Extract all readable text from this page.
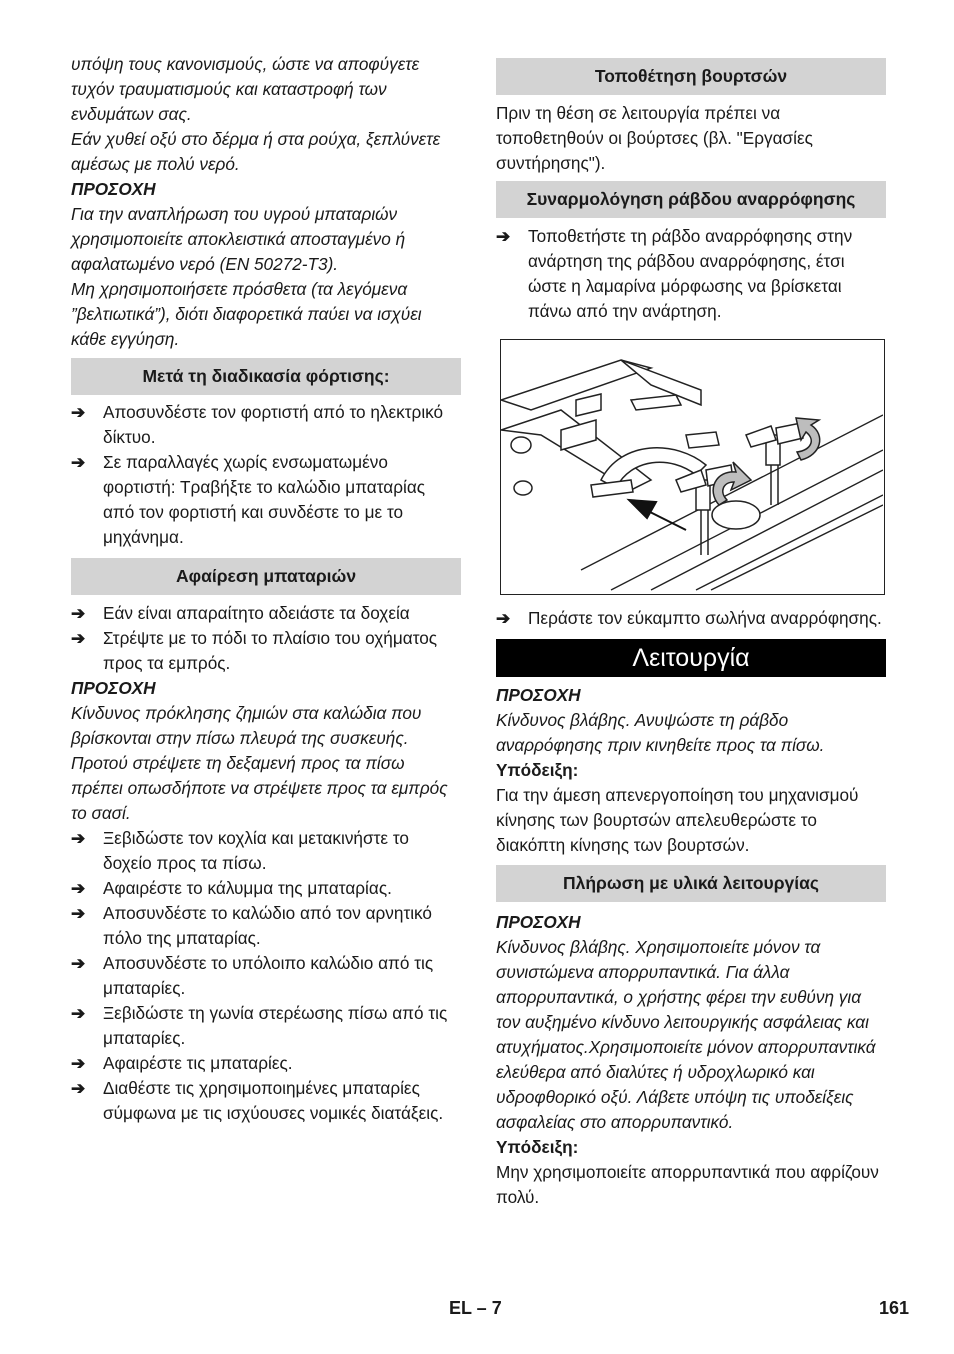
υπόψη τους κανονισμούς, ώστε να αποφύγετε τυχόν τραυματισμούς και καταστροφή των ενδυμάτων σας.

Εάν χυθεί οξύ στο δέρμα ή στα ρούχα, ξεπλύνετε αμέσως με πολύ νερό.

ΠΡΟΣΟΧΗ

Για την αναπλήρωση του υγρού μπαταριών χρησιμοποιείτε αποκλειστικά αποσταγμένο ή αφαλατωμένο νερό (EN 50272-T3).

Μη χρησιμοποιήσετε πρόσθετα (τα λεγόμενα ”βελτιωτικά”), διότι διαφορετικά παύει να ισχύει κάθε εγγύηση.

Μετά τη διαδικασία φόρτισης:
➔ Αποσυνδέστε τον φορτιστή από το ηλεκτρικό δίκτυο.
➔ Σε παραλλαγές χωρίς ενσωματωμένο φορτιστή: Τραβήξτε το καλώδιο μπαταρίας από τον φορτιστή και συνδέστε το με το μηχάνημα.
Αφαίρεση μπαταριών
➔ Εάν είναι απαραίτητο αδειάστε τα δοχεία
➔ Στρέψτε με το πόδι το πλαίσιο του οχήματος προς τα εμπρός.

ΠΡΟΣΟΧΗ

Κίνδυνος πρόκλησης ζημιών στα καλώδια που βρίσκονται στην πίσω πλευρά της συσκευής. Προτού στρέψετε τη δεξαμενή προς τα πίσω πρέπει οπωσδήποτε να στρέψετε προς τα εμπρός το σασί.

➔ Ξεβιδώστε τον κοχλία και μετακινήστε το δοχείο προς τα πίσω.
➔ Αφαιρέστε το κάλυμμα της μπαταρίας.
➔ Αποσυνδέστε το καλώδιο από τον αρνητικό πόλο της μπαταρίας.
➔ Αποσυνδέστε το υπόλοιπο καλώδιο από τις μπαταρίες.
➔ Ξεβιδώστε τη γωνία στερέωσης πίσω από τις μπαταρίες.
➔ Αφαιρέστε τις μπαταρίες.
➔ Διαθέστε τις χρησιμοποιημένες μπαταρίες σύμφωνα με τις ισχύουσες νομικές διατάξεις.
Τοποθέτηση βουρτσών

Πριν τη θέση σε λειτουργία πρέπει να τοποθετηθούν οι βούρτσες (βλ. "Εργασίες συντήρησης").

Συναρμολόγηση ράβδου αναρρόφησης
➔ Τοποθετήστε τη ράβδο αναρρόφησης στην ανάρτηση της ράβδου αναρρόφησης, έτσι ώστε η λαμαρίνα μόρφωσης να βρίσκεται πάνω από την ανάρτηση.
➔ Περάστε τον εύκαμπτο σωλήνα αναρρόφησης.
Λειτουργία

ΠΡΟΣΟΧΗ

Κίνδυνος βλάβης. Ανυψώστε τη ράβδο αναρρόφησης πριν κινηθείτε προς τα πίσω.

Υπόδειξη:

Για την άμεση απενεργοποίηση του μηχανισμού κίνησης των βουρτσών απελευθερώστε το διακόπτη κίνησης των βουρτσών.

Πλήρωση με υλικά λειτουργίας

ΠΡΟΣΟΧΗ

Κίνδυνος βλάβης. Χρησιμοποιείτε μόνον τα συνιστώμενα απορρυπαντικά. Για άλλα απορρυπαντικά, ο χρήστης φέρει την ευθύνη για τον αυξημένο κίνδυνο λειτουργικής ασφάλειας και ατυχήματος.Χρησιμοποιείτε μόνον απορρυπαντικά ελεύθερα από διαλύτες ή υδροχλωρικό και υδροφθορικό οξύ. Λάβετε υπόψη τις υποδείξεις ασφαλείας στο απορρυπαντικό.

Υπόδειξη:

Μην χρησιμοποιείτε απορρυπαντικά που αφρίζουν πολύ.

EL – 7	161
